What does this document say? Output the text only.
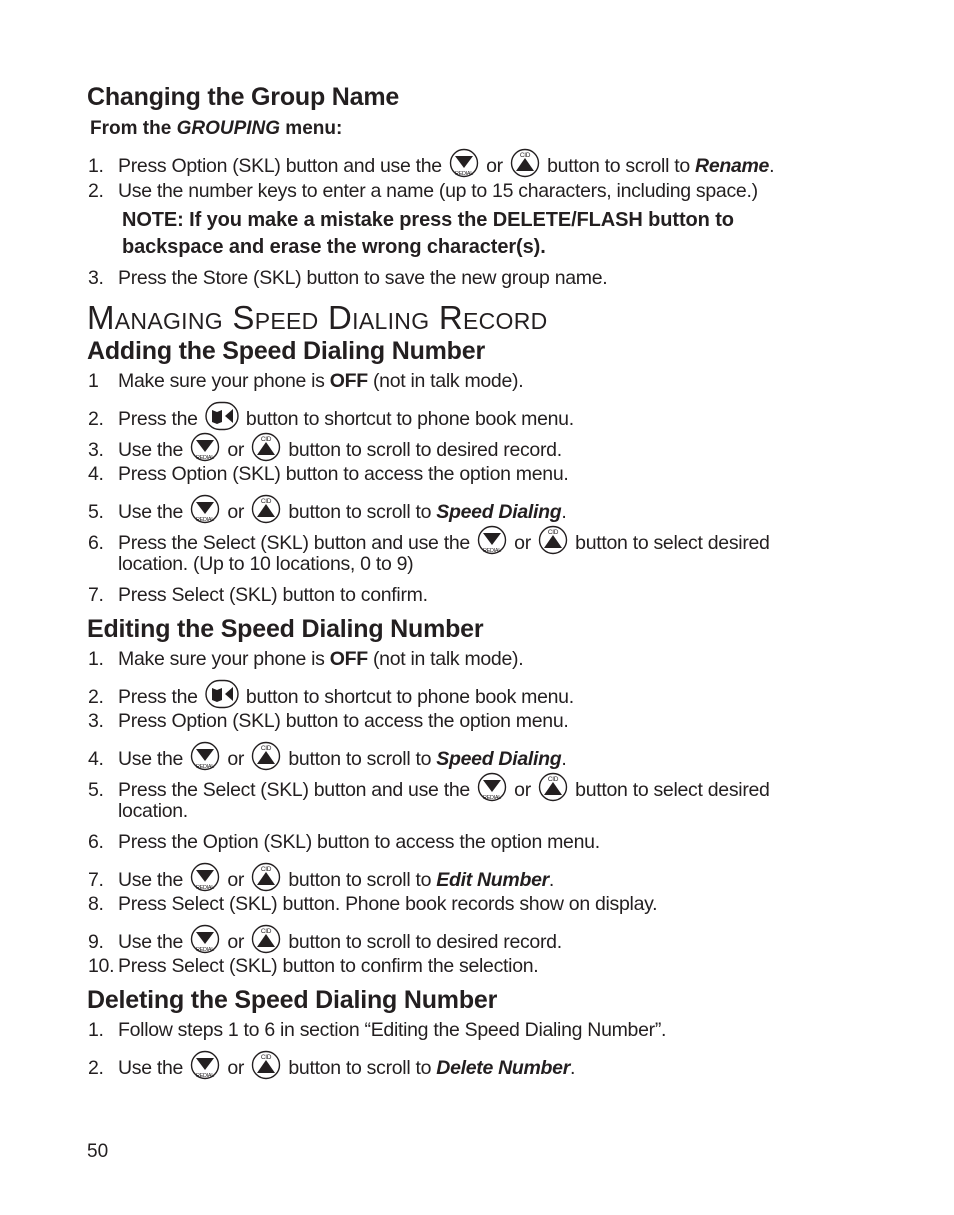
Changing the Group Name
From the GROUPING menu:
1. Press Option (SKL) button and use the REDIAL or	CID button to scroll to Rename.
2. Use the number keys to enter a name (up to 15 characters, including space.)
NOTE: If you make a mistake press the DELETE/FLASH button to
backspace and erase the wrong character(s).
3. Press the Store (SKL) button to save the new group name.
Managing Speed Dialing Record
Adding the Speed Dialing Number
1 Make sure your phone is OFF (not in talk mode).
2. Press the button to shortcut to phone book menu.
3. Use the REDIAL or	CID button to scroll to desired record.
4. Press Option (SKL) button to access the option menu.
5. Use the REDIAL or	CID button to scroll to Speed Dialing.
6. Press the Select (SKL) button and use the REDIAL or	CID button to select desired
location. (Up to 10 locations, 0 to 9)
7. Press Select (SKL) button to confirm.
Editing the Speed Dialing Number
1. Make sure your phone is OFF (not in talk mode).
2. Press the button to shortcut to phone book menu.
3. Press Option (SKL) button to access the option menu.
4. Use the REDIAL or	CID button to scroll to Speed Dialing.
5. Press the Select (SKL) button and use the REDIAL or	CID button to select desired
location.
6. Press the Option (SKL) button to access the option menu.
7. Use the REDIAL or	CID button to scroll to Edit Number.
8. Press Select (SKL) button. Phone book records show on display.
9. Use the REDIAL or	CID button to scroll to desired record.
10. Press Select (SKL) button to confirm the selection.
Deleting the Speed Dialing Number
1. Follow steps 1 to 6 in section “Editing the Speed Dialing Number”.
2. Use the REDIAL or	CID button to scroll to Delete Number.
50
